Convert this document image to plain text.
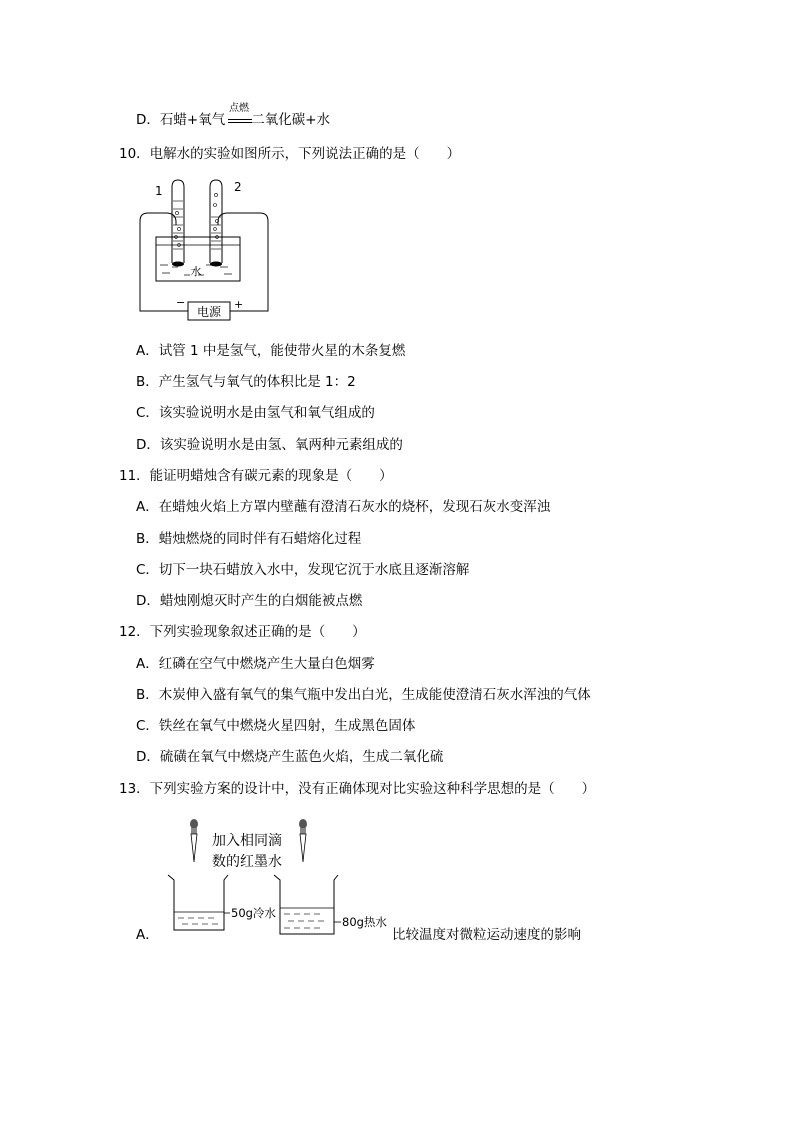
D．石蜡+氧气 二氧化碳+水
点燃
10．电解水的实验如图所示，下列说法正确的是（　　）
电源
1	2
水
−	+
A．试管 1 中是氢气，能使带火星的木条复燃
B．产生氢气与氧气的体积比是 1：2
C．该实验说明水是由氢气和氧气组成的
D．该实验说明水是由氢、氧两种元素组成的
11．能证明蜡烛含有碳元素的现象是（　　）
A．在蜡烛火焰上方罩内壁蘸有澄清石灰水的烧杯，发现石灰水变浑浊
B．蜡烛燃烧的同时伴有石蜡熔化过程
C．切下一块石蜡放入水中，发现它沉于水底且逐渐溶解
D．蜡烛刚熄灭时产生的白烟能被点燃
12．下列实验现象叙述正确的是（　　）
A．红磷在空气中燃烧产生大量白色烟雾
B．木炭伸入盛有氧气的集气瓶中发出白光，生成能使澄清石灰水浑浊的气体
C．铁丝在氧气中燃烧火星四射，生成黑色固体
D．硫磺在氧气中燃烧产生蓝色火焰，生成二氧化硫
13．下列实验方案的设计中，没有正确体现对比实验这种科学思想的是（　　）
A．
加入相同滴
数的红墨水
50g冷水
80g热水
比较温度对微粒运动速度的影响
